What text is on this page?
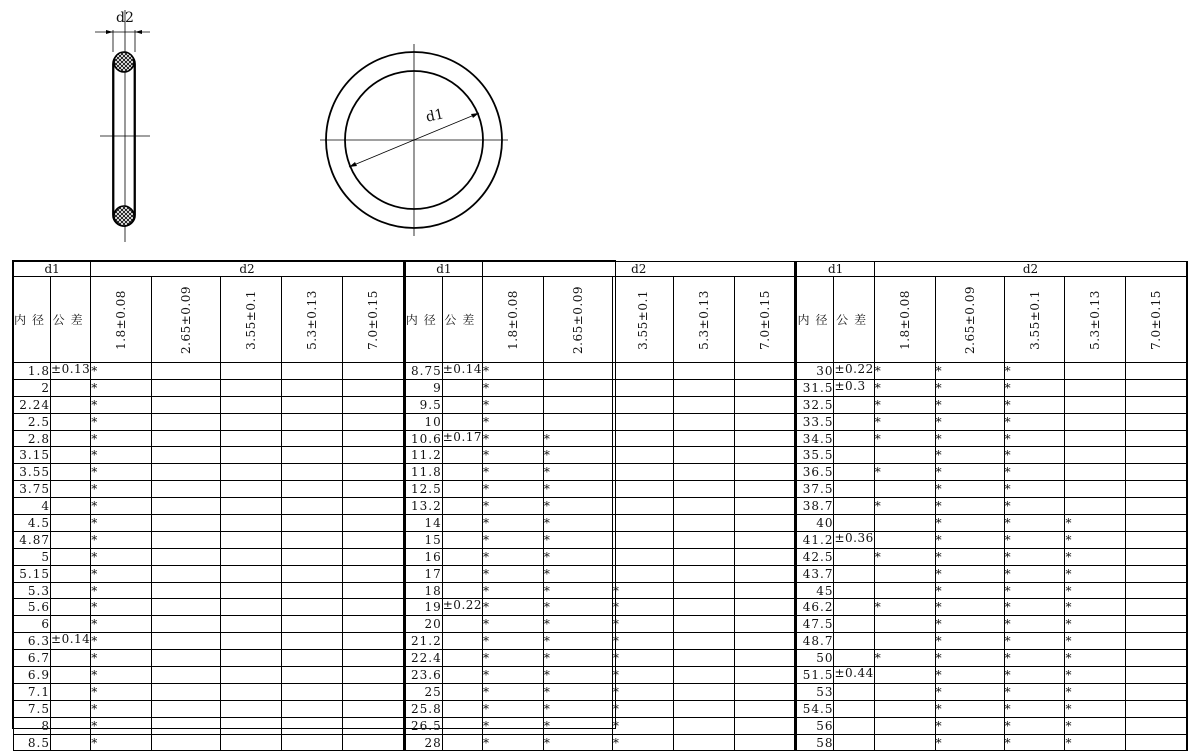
d2
d1
d1		d2					
内径	公差	1.8±0.08	2.65±0.09	3.55±0.1	5.3±0.13	7.0±0.15	
1.8	±0.13	*					
2		*					
2.24		*					
2.5		*					
2.8		*					
3.15		*					
3.55		*					
3.75		*					
4		*					
4.5		*					
4.87		*					
5		*					
5.15		*					
5.3		*					
5.6		*					
6		*					
6.3	±0.14	*					
6.7		*					
6.9		*					
7.1		*					
7.5		*					
8		*					
8.5		*					
d1		d2					
内径	公差	1.8±0.08	2.65±0.09	3.55±0.1	5.3±0.13	7.0±0.15	
8.75	±0.14	*					
9		*					
9.5		*					
10		*					
10.6	±0.17	*	*				
11.2		*	*				
11.8		*	*				
12.5		*	*				
13.2		*	*				
14		*	*				
15		*	*				
16		*	*				
17		*	*				
18		*	*	*			
19	±0.22	*	*	*			
20		*	*	*			
21.2		*	*	*			
22.4		*	*	*			
23.6		*	*	*			
25		*	*	*			
25.8		*	*	*			
26.5		*	*	*			
28		*	*	*			
d1		d2					
内径	公差	1.8±0.08	2.65±0.09	3.55±0.1	5.3±0.13	7.0±0.15	
30	±0.22	*	*	*			
31.5	±0.3	*	*	*			
32.5		*	*	*			
33.5		*	*	*			
34.5		*	*	*			
35.5			*	*			
36.5		*	*	*			
37.5			*	*			
38.7		*	*	*			
40			*	*	*		
41.2	±0.36		*	*	*		
42.5		*	*	*	*		
43.7			*	*	*		
45			*	*	*		
46.2		*	*	*	*		
47.5			*	*	*		
48.7			*	*	*		
50		*	*	*	*		
51.5	±0.44		*	*	*		
53			*	*	*		
54.5			*	*	*		
56			*	*	*		
58			*	*	*		
